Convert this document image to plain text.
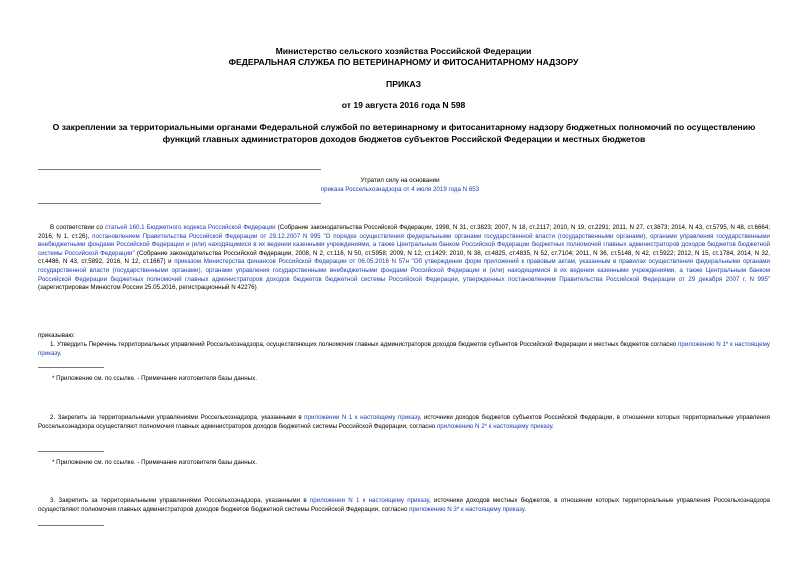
Министерство сельского хозяйства Российской Федерации
ФЕДЕРАЛЬНАЯ СЛУЖБА ПО ВЕТЕРИНАРНОМУ И ФИТОСАНИТАРНОМУ НАДЗОРУ
ПРИКАЗ
от 19 августа 2016 года N 598
О закреплении за территориальными органами Федеральной службой по ветеринарному и фитосанитарному надзору бюджетных полномочий по осуществлению функций главных администраторов доходов бюджетов субъектов Российской Федерации и местных бюджетов
Утратил силу на основании
приказа Россельхознадзора от 4 июля 2019 года N 653
В соответствии со статьей 160.1 Бюджетного кодекса Российской Федерации (Собрание законодательства Российской Федерации, 1998, N 31, ст.3823; 2007, N 18, ст.2117; 2010, N 19, ст.2291; 2011, N 27, ст.3873; 2014, N 43, ст.5795, N 48, ст.6664; 2016, N 1, ст.26), постановлением Правительства Российской Федерации от 29.12.2007 N 995 "О порядке осуществления федеральными органами государственной власти (государственными органами), органами управления государственными внебюджетными фондами Российской Федерации и (или) находящимися в их ведении казенными учреждениями, а также Центральным банком Российской Федерации бюджетных полномочий главных администраторов доходов бюджетов бюджетной системы Российской Федерации" (Собрание законодательства Российской Федерации, 2008, N 2, ст.116, N 50, ст.5958; 2009, N 12, ст.1429; 2010, N 38, ст.4825, ст.4835, N 52, ст.7104; 2011, N 36, ст.5148, N 42, ст.5922; 2012, N 15, ст.1784, 2014, N 32, ст.4486, N 43, ст.5892, 2016, N 12, ст.1667) и приказом Министерства финансов Российской Федерации от 06.05.2016 N 57н "Об утверждении форм приложений к правовым актам, указанным в правилах осуществления федеральными органами государственной власти (государственными органами), органами управления государственными внебюджетными фондами Российской Федерации и (или) находящимися в их ведении казенными учреждениями, а также Центральным банком Российской Федерации бюджетных полномочий главных администраторов доходов бюджетов бюджетной системы Российской Федерации, утвержденных постановлением Правительства Российской Федерации от 29 декабря 2007 г. N 995" (зарегистрирован Минюстом России 25.05.2016, регистрационный N 42276)
приказываю:
1. Утвердить Перечень территориальных управлений Россельхознадзора, осуществляющих полномочия главных администраторов доходов бюджетов субъектов Российской Федерации и местных бюджетов согласно приложению N 1* к настоящему приказу.
* Приложение см. по ссылке. - Примечание изготовителя базы данных.
2. Закрепить за территориальными управлениями Россельхознадзора, указанными в приложении N 1 к настоящему приказу, источники доходов бюджетов субъектов Российской Федерации, в отношении которых территориальные управления Россельхознадзора осуществляют полномочия главных администраторов доходов бюджетной системы Российской Федерации, согласно приложению N 2* к настоящему приказу.
* Приложение см. по ссылке. - Примечание изготовителя базы данных.
3. Закрепить за территориальными управлениями Россельхознадзора, указанными в приложении N 1 к настоящему приказу, источники доходов местных бюджетов, в отношении которых территориальные управления Россельхознадзора осуществляют полномочия главных администраторов доходов бюджетов бюджетной системы Российской Федерации, согласно приложению N 3* к настоящему приказу.
